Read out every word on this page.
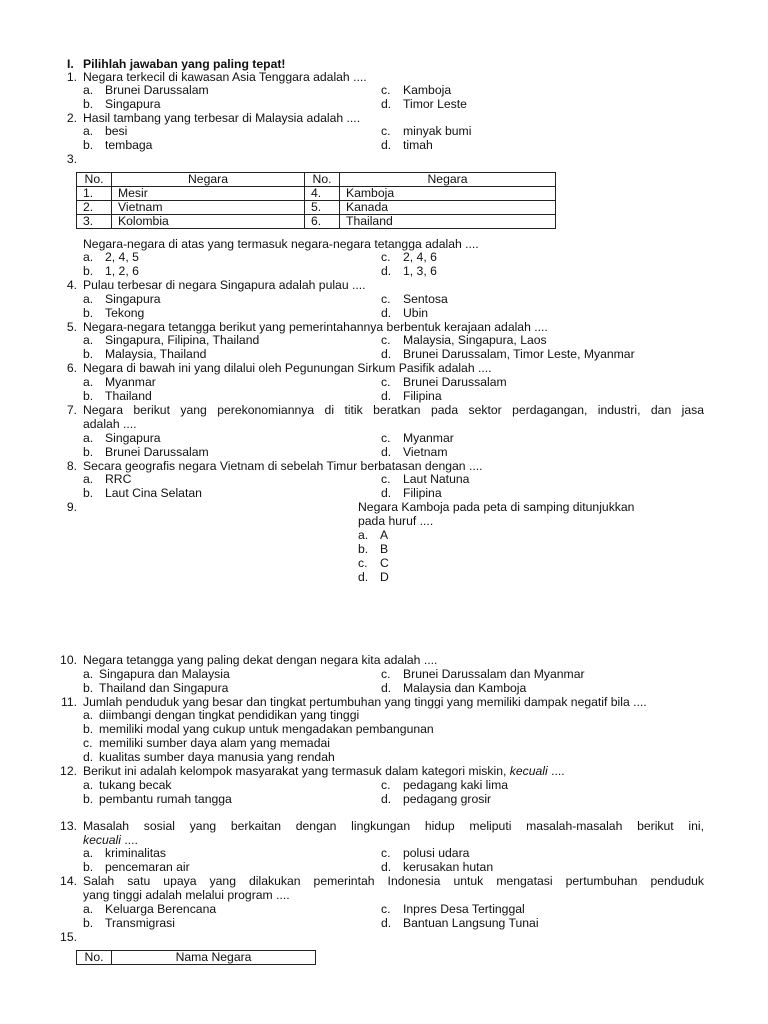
I. Pilihlah jawaban yang paling tepat!
1. Negara terkecil di kawasan Asia Tenggara adalah ....
a. Brunei Darussalam	c. Kamboja
b. Singapura	d. Timor Leste
2. Hasil tambang yang terbesar di Malaysia adalah ....
a. besi	c. minyak bumi
b. tembaga	d. timah
3.
No.	Negara	No.	Negara
1.	Mesir	4.	Kamboja
2.	Vietnam	5.	Kanada
3.	Kolombia	6.	Thailand
Negara-negara di atas yang termasuk negara-negara tetangga adalah ....
a. 2, 4, 5	c. 2, 4, 6
b. 1, 2, 6	d. 1, 3, 6
4. Pulau terbesar di negara Singapura adalah pulau ....
a. Singapura	c. Sentosa
b. Tekong	d. Ubin
5. Negara-negara tetangga berikut yang pemerintahannya berbentuk kerajaan adalah ....
a. Singapura, Filipina, Thailand	c. Malaysia, Singapura, Laos
b. Malaysia, Thailand	d. Brunei Darussalam, Timor Leste, Myanmar
6. Negara di bawah ini yang dilalui oleh Pegunungan Sirkum Pasifik adalah ....
a. Myanmar	c. Brunei Darussalam
b. Thailand	d. Filipina
7. Negara berikut yang perekonomiannya di titik beratkan pada sektor perdagangan, industri, dan jasa
adalah ....
a. Singapura	c. Myanmar
b. Brunei Darussalam	d. Vietnam
8. Secara geografis negara Vietnam di sebelah Timur berbatasan dengan ....
a. RRC	c. Laut Natuna
b. Laut Cina Selatan	d. Filipina
9.	Negara Kamboja pada peta di samping ditunjukkan
pada huruf ....
a. A
b. B
c. C
d. D
10. Negara tetangga yang paling dekat dengan negara kita adalah ....
a. Singapura dan Malaysia	c. Brunei Darussalam dan Myanmar
b. Thailand dan Singapura	d. Malaysia dan Kamboja
11. Jumlah penduduk yang besar dan tingkat pertumbuhan yang tinggi yang memiliki dampak negatif bila ....
a. diimbangi dengan tingkat pendidikan yang tinggi
b. memiliki modal yang cukup untuk mengadakan pembangunan
c. memiliki sumber daya alam yang memadai
d. kualitas sumber daya manusia yang rendah
12. Berikut ini adalah kelompok masyarakat yang termasuk dalam kategori miskin, kecuali ....
a. tukang becak	c. pedagang kaki lima
b. pembantu rumah tangga	d. pedagang grosir
13. Masalah sosial yang berkaitan dengan lingkungan hidup meliputi masalah-masalah berikut ini,
kecuali ....
a. kriminalitas	c. polusi udara
b. pencemaran air	d. kerusakan hutan
14. Salah satu upaya yang dilakukan pemerintah Indonesia untuk mengatasi pertumbuhan penduduk
yang tinggi adalah melalui program ....
a. Keluarga Berencana	c. Inpres Desa Tertinggal
b. Transmigrasi	d. Bantuan Langsung Tunai
15.
No.	Nama Negara
